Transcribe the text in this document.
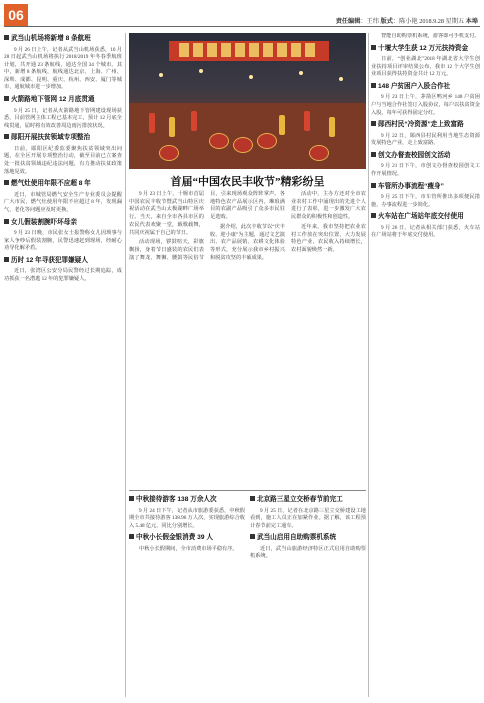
06	责任编辑：王纬 版式：陈小艳 2018.9.28 星期五 本埠
武当山机场将新增 8 条航班

9 月 26 日上午，记者从武当山机场获悉，10 月 28 日起武当山机场将执行 2018/2019 年冬春季航班计划，共开通 23 条航线，通达全国 34 个城市。其中，新增 8 条航线，航线通达北京、上海、广州、深圳、成都、昆明、重庆、杭州、西安、厦门等城市，通航城市进一步增加。

火箭路地下管网 12 月底贯通

9 月 25 日，记者从火箭路地下管网建设现场获悉，目前管网主体工程已基本完工，预计 12 月底全线贯通，届时将有效改善周边雨污排放状况。

郧阳开展扶贫领域专项整治

日前，郧阳区纪委监委聚焦扶贫领域突出问题，在全区开展专项整治行动，截至目前已立案查处一批扶贫领域违纪违法问题，有力推动扶贫政策落地见效。

燃气灶使用年限不应超 8 年

近日，市城管局燃气安全生产专业委员会提醒广大市民，燃气灶使用年限不应超过 8 年，发现漏气、老化等问题应及时更换。

女儿假装割腕吓坏母亲

9 月 23 日晚，市民张女士报警称女儿因琐事与家人争吵后假装割腕，民警迅速赶到现场，经耐心劝导化解矛盾。

历时 12 年寻获犯罪嫌疑人

近日，张湾区公安分局民警经过长期追踪，成功抓获一名潜逃 12 年的犯罪嫌疑人。

首届“中国农民丰收节”精彩纷呈

9 月 23 日上午，十堰市首届中国农民丰收节暨武当山特区庆祝活动在武当山太极湖畔广场举行。当天，来自全市各县市区的农民代表欢聚一堂，载歌载舞，共同庆祝属于自己的节日。

活动现场，锣鼓喧天，彩旗飘扬，身着节日盛装的农民们表演了舞龙、舞狮、腰鼓等民俗节目，引来现场观众阵阵掌声。各地特色农产品展示区内，琳琅满目的农副产品吸引了众多市民驻足选购。

据介绍，此次丰收节以“庆丰收、迎小康”为主题，通过文艺演出、农产品展销、农耕文化体验等形式，充分展示我市乡村振兴和脱贫攻坚的丰硕成果。

活动中，主办方还对全市农业农村工作中涌现出的先进个人进行了表彰，进一步激发广大农民群众的积极性和创造性。

近年来，我市坚持把农业农村工作放在突出位置，大力发展特色产业，农民收入持续增长，农村面貌焕然一新。

中秋接待游客 138 万余人次

9 月 24 日下午，记者从市旅游委获悉，中秋假期全市共接待游客 138.96 万人次，实现旅游综合收入 5.48 亿元，同比分别增长。

中秋小长假金银消费 39 人

中秋小长假期间，全市消费市场平稳有序。

北京路三星立交桥春节前完工

9 月 25 日，记者在北京路三星立交桥建设工地看到，施工人员正在加紧作业。据了解，该工程预计春节前完工通车。

武当山启用自助购票机系统

近日，武当山旅游经济特区正式启用自助购票机系统。

智能自助购票机系统，游客即可手机支付。

十堰大学生获 12 万元扶持资金

日前，“创业湖北”2018 年湖北省大学生创业扶持项目评审结果公布，我市 12 个大学生创业项目获得扶持资金共计 12 万元。

148 户贫困户入股合作社

9 月 23 日上午，茅箭区鸭河乡 148 户贫困户与当地合作社签订入股协议，每户以扶贫资金入股，每年可获得固定分红。

郧西村民“冷资源”走上致富路

9 月 22 日，郧西县村民利用当地生态资源发展特色产业，走上致富路。

创文办督查校园创文活动

9 月 21 日下午，市创文办督查校园创文工作开展情况。

车管所办事流程“瘦身”

9 月 25 日下午，市车管所推出多项便民措施，办事流程进一步简化。

火车站在广场站年底交付使用

9 月 26 日，记者从相关部门获悉，火车站在广场站将于年底交付使用。
